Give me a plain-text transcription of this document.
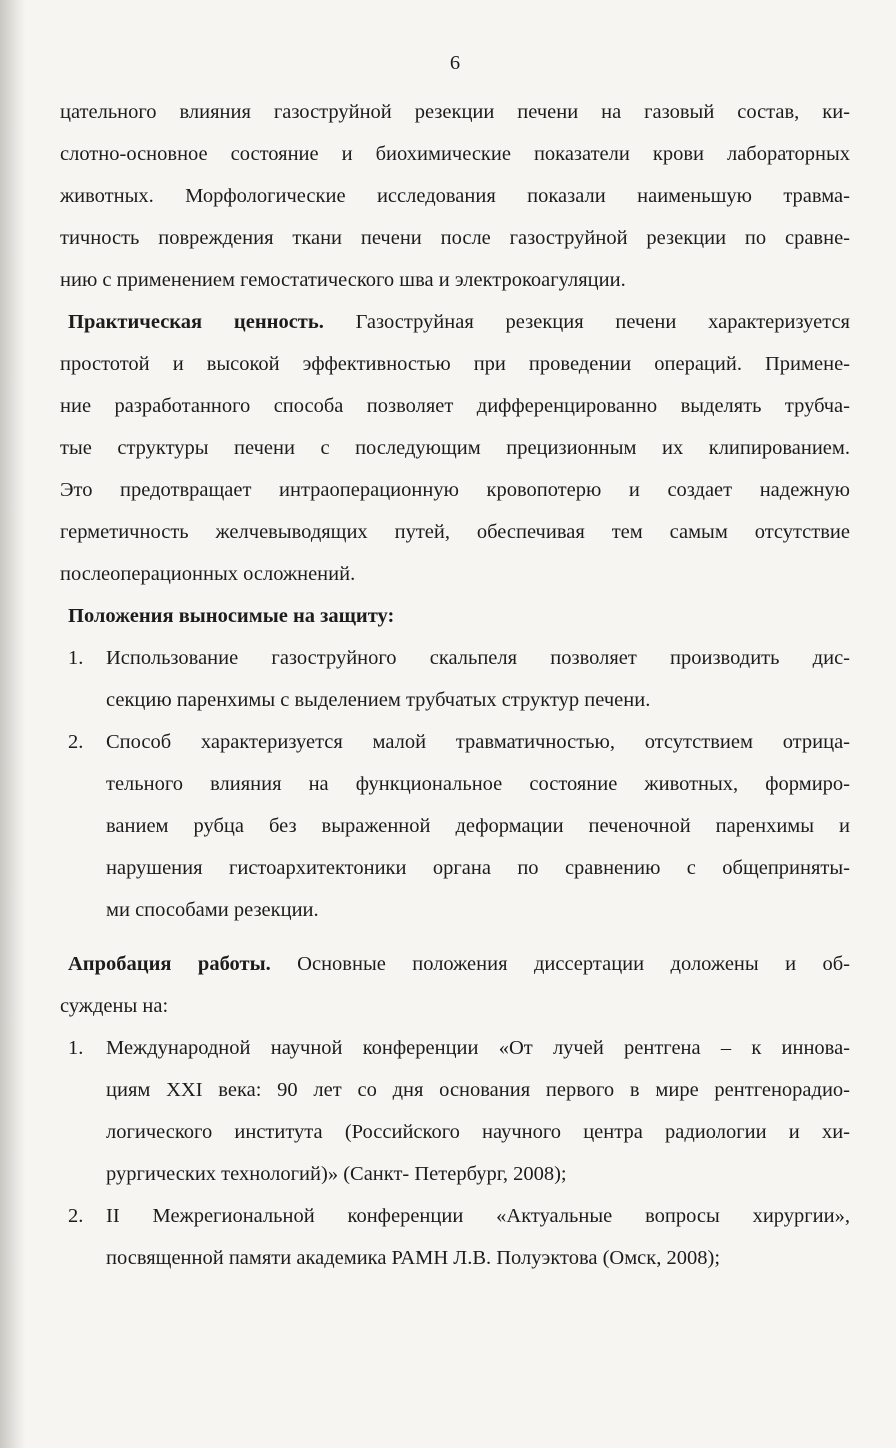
6
цательного влияния газоструйной резекции печени на газовый состав, ки-
слотно-основное состояние и биохимические показатели крови лабораторных
животных. Морфологические исследования показали наименьшую травма-
тичность повреждения ткани печени после газоструйной резекции по сравне-
нию с применением гемостатического шва и электрокоагуляции.
Практическая ценность. Газоструйная резекция печени характеризуется
простотой и высокой эффективностью при проведении операций. Примене-
ние разработанного способа позволяет дифференцированно выделять трубча-
тые структуры печени с последующим прецизионным их клипированием.
Это предотвращает интраоперационную кровопотерю и создает надежную
герметичность желчевыводящих путей, обеспечивая тем самым отсутствие
послеоперационных осложнений.
Положения выносимые на защиту:
1.	Использование газоструйного скальпеля позволяет производить дис-
секцию паренхимы с выделением трубчатых структур печени.
2.	Способ характеризуется малой травматичностью, отсутствием отрица-
тельного влияния на функциональное состояние животных, формиро-
ванием рубца без выраженной деформации печеночной паренхимы и
нарушения гистоархитектоники органа по сравнению с общеприняты-
ми способами резекции.
Апробация работы. Основные положения диссертации доложены и об-
суждены на:
1.	Международной научной конференции «От лучей рентгена – к иннова-
циям XXI века: 90 лет со дня основания первого в мире рентгенорадио-
логического института (Российского научного центра радиологии и хи-
рургических технологий)» (Санкт- Петербург, 2008);
2.	II Межрегиональной конференции «Актуальные вопросы хирургии»,
посвященной памяти академика РАМН Л.В. Полуэктова (Омск, 2008);
